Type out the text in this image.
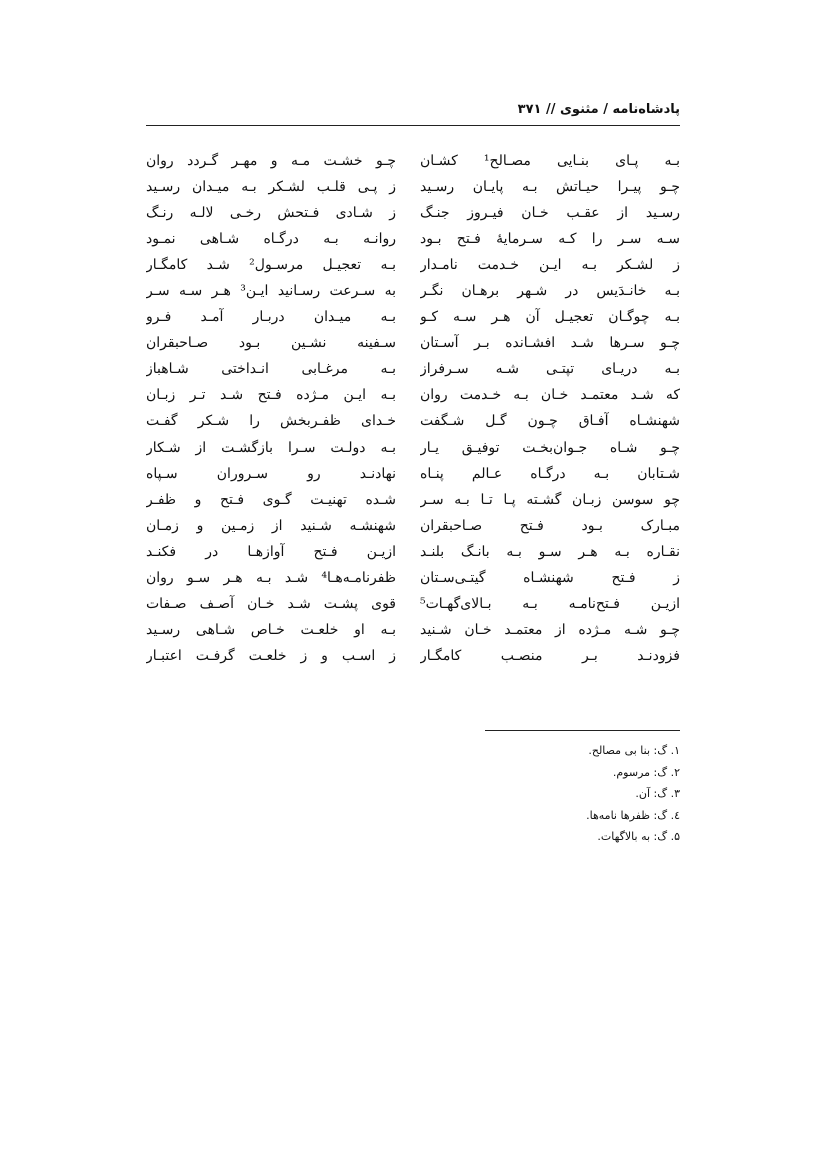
پادشاه‌نامه / مثنوی // ۳۷۱
بـه پـای بنـایی مصـالح¹ کشـان
چـو پیـرا حیـاتش بـه پایـان رسـید
رسـید از عقـب خـان فیـروز جنـگ
سـه سـر را کـه سـرمایهٔ فـتح بـود
ز لشـکر بـه ایـن خـدمت نامـدار
بـه خانـدَیس در شـهر برهـان نگـر
بـه چوگـان تعجیـل آن هـر سـه کـو
چـو سـرها شـد افشـانده بـر آسـتان
بـه دریـای تپتـی شـه سـرفراز
که شـد معتمـد خـان بـه خـدمت روان
شهنشـاه آفـاق چـون گـل شـگفت
چـو شـاه جـوان‌بخـت توفیـق یـار
شـتابان بـه درگـاه عـالم پنـاه
چو سوسن زبـان گشـته پـا تـا بـه سـر
مبـارک بـود فـتح صـاحبقران
نقـاره بـه هـر سـو بـه بانـگ بلنـد
ز فـتح شهنشـاه گیتـی‌سـتان
ازیـن فـتح‌نامـه بـه بـالای‌گهـات⁵
چـو شـه مـژده از معتمـد خـان شـنید
فزودنـد بـر منصـب کامگـار
چـو خشـت مـه و مهـر گـردد روان
ز پـی قلـب لشـکر بـه میـدان رسـید
ز شـادی فـتحش رخـی لالـه رنـگ
روانـه بـه درگـاه شـاهی نمـود
بـه تعجیـل مرسـول² شـد کامگـار
به سـرعت رسـانید ایـن³ هـر سـه سـر
بـه میـدان دربـار آمـد فـرو
سـفینه نشـین بـود صـاحبقران
بـه مرغـابی انـداختی شـاهباز
بـه ایـن مـژده فـتح شـد تـر زبـان
خـدای ظفـربخش را شـکر گفـت
بـه دولـت سـرا بازگشـت از شـکار
نهادنـد رو سـروران سـپاه
شـده تهنیـت گـوی فـتح و ظفـر
شهنشـه شـنید از زمـین و زمـان
ازیـن فـتح آوازهـا در فکنـد
ظفرنامـه‌هـا⁴ شـد بـه هـر سـو روان
قوی پشـت شـد خـان آصـف صـفات
بـه او خلعـت خـاص شـاهی رسـید
ز اسـب و ز خلعـت گرفـت اعتبـار
۱. گ: بنا بی مصالح.
۲. گ: مرسوم.
۳. گ: آن.
٤. گ: ظفرها نامه‌ها.
۵. گ: به بالاگهات.
